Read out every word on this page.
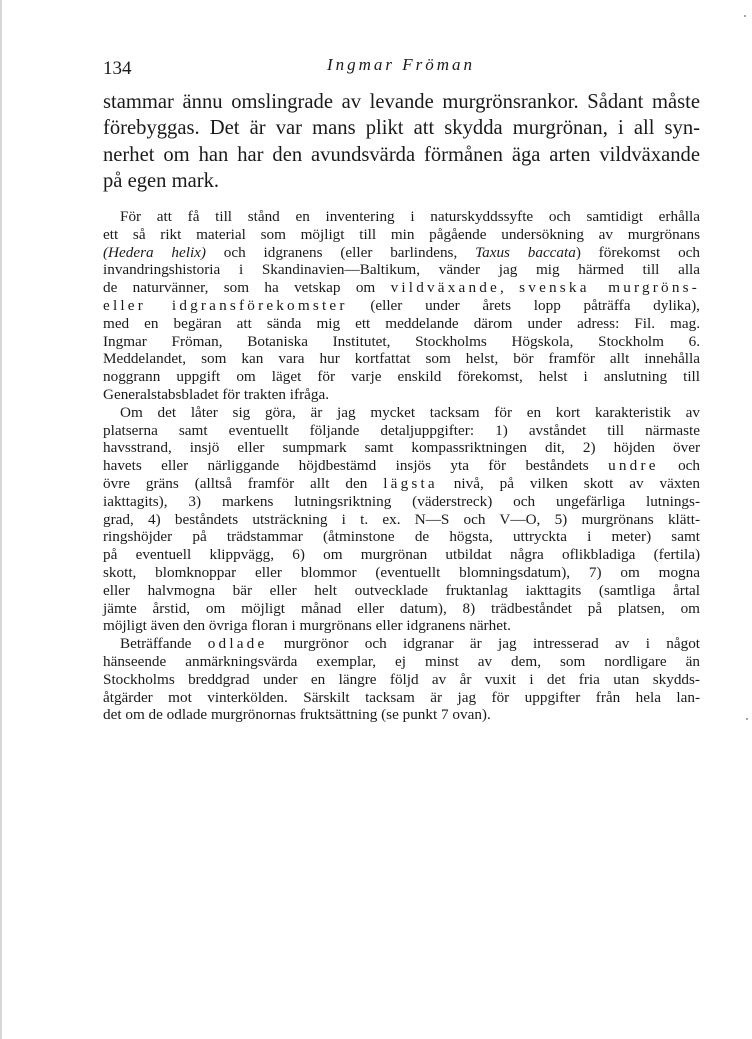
134	Ingmar Fröman
stammar ännu omslingrade av levande murgrönsrankor. Sådant måste
förebyggas. Det är var mans plikt att skydda murgrönan, i all syn-
nerhet om han har den avundsvärda förmånen äga arten vildväxande
på egen mark.
För att få till stånd en inventering i naturskyddssyfte och samtidigt erhålla
ett så rikt material som möjligt till min pågående undersökning av murgrönans
(Hedera helix) och idgranens (eller barlindens, Taxus baccata) förekomst och
invandringshistoria i Skandinavien—Baltikum, vänder jag mig härmed till alla
de naturvänner, som ha vetskap om vildväxande, svenska murgröns-
eller idgransförekomster (eller under årets lopp påträffa dylika),
med en begäran att sända mig ett meddelande därom under adress: Fil. mag.
Ingmar Fröman, Botaniska Institutet, Stockholms Högskola, Stockholm 6.
Meddelandet, som kan vara hur kortfattat som helst, bör framför allt innehålla
noggrann uppgift om läget för varje enskild förekomst, helst i anslutning till
Generalstabsbladet för trakten ifråga.
Om det låter sig göra, är jag mycket tacksam för en kort karakteristik av
platserna samt eventuellt följande detaljuppgifter: 1) avståndet till närmaste
havsstrand, insjö eller sumpmark samt kompassriktningen dit, 2) höjden över
havets eller närliggande höjdbestämd insjös yta för beståndets undre och
övre gräns (alltså framför allt den lägsta nivå, på vilken skott av växten
iakttagits), 3) markens lutningsriktning (väderstreck) och ungefärliga lutnings-
grad, 4) beståndets utsträckning i t. ex. N—S och V—O, 5) murgrönans klätt-
ringshöjder på trädstammar (åtminstone de högsta, uttryckta i meter) samt
på eventuell klippvägg, 6) om murgrönan utbildat några oflikbladiga (fertila)
skott, blomknoppar eller blommor (eventuellt blomningsdatum), 7) om mogna
eller halvmogna bär eller helt outvecklade fruktanlag iakttagits (samtliga årtal
jämte årstid, om möjligt månad eller datum), 8) trädbeståndet på platsen, om
möjligt även den övriga floran i murgrönans eller idgranens närhet.
Beträffande odlade murgrönor och idgranar är jag intresserad av i något
hänseende anmärkningsvärda exemplar, ej minst av dem, som nordligare än
Stockholms breddgrad under en längre följd av år vuxit i det fria utan skydds-
åtgärder mot vinterkölden. Särskilt tacksam är jag för uppgifter från hela lan-
det om de odlade murgrönornas fruktsättning (se punkt 7 ovan).
